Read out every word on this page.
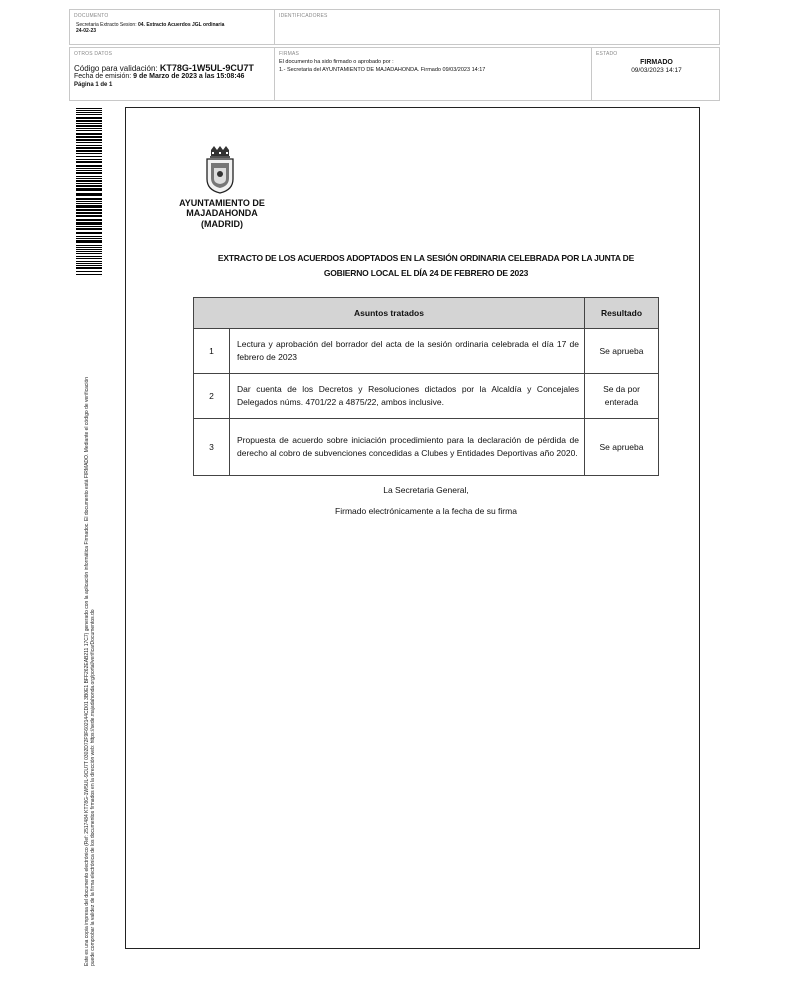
DOCUMENTO
Secretaria Extracto Sesion: 04. Extracto Acuerdos JGL ordinaria
24-02-23
IDENTIFICADORES
OTROS DATOS
Código para validación: KT78G-1W5UL-9CU7T
Fecha de emisión: 9 de Marzo de 2023 a las 15:08:46
Página 1 de 1
FIRMAS
El documento ha sido firmado o aprobado por :
1.- Secretaria del AYUNTAMIENTO DE MAJADAHONDA. Firmado 09/03/2023 14:17
ESTADO
FIRMADO
09/03/2023 14:17
Este es una copia impresa del documento electrónico (Ref: 2517484 KT78G-1W5UL-9CU7T 0302D72F9F602144CD01 3B0E1 BFF262EAB211 17C7) generado con la aplicación informática Firmadoc. El documento está FIRMADO. Mediante el código de verificación puede comprobar la validez de la firma electrónica de los documentos firmados en la dirección web: https://sede.majadahonda.org/portal/verificarDocumentos.do
AYUNTAMIENTO DE
MAJADAHONDA
(MADRID)
EXTRACTO DE LOS ACUERDOS ADOPTADOS EN LA SESIÓN ORDINARIA CELEBRADA POR LA JUNTA DE
GOBIERNO LOCAL EL DÍA 24 DE FEBRERO DE 2023
Asuntos tratados		Resultado
1	Lectura y aprobación del borrador del acta de la sesión ordinaria celebrada el día 17 de febrero de 2023	Se aprueba
2	Dar cuenta de los Decretos y Resoluciones dictados por la Alcaldía y Concejales Delegados núms. 4701/22 a 4875/22, ambos inclusive.	Se da por enterada
3	Propuesta de acuerdo sobre iniciación procedimiento para la declaración de pérdida de derecho al cobro de subvenciones concedidas a Clubes y Entidades Deportivas año 2020.	Se aprueba
La Secretaria General,
Firmado electrónicamente a la fecha de su firma
